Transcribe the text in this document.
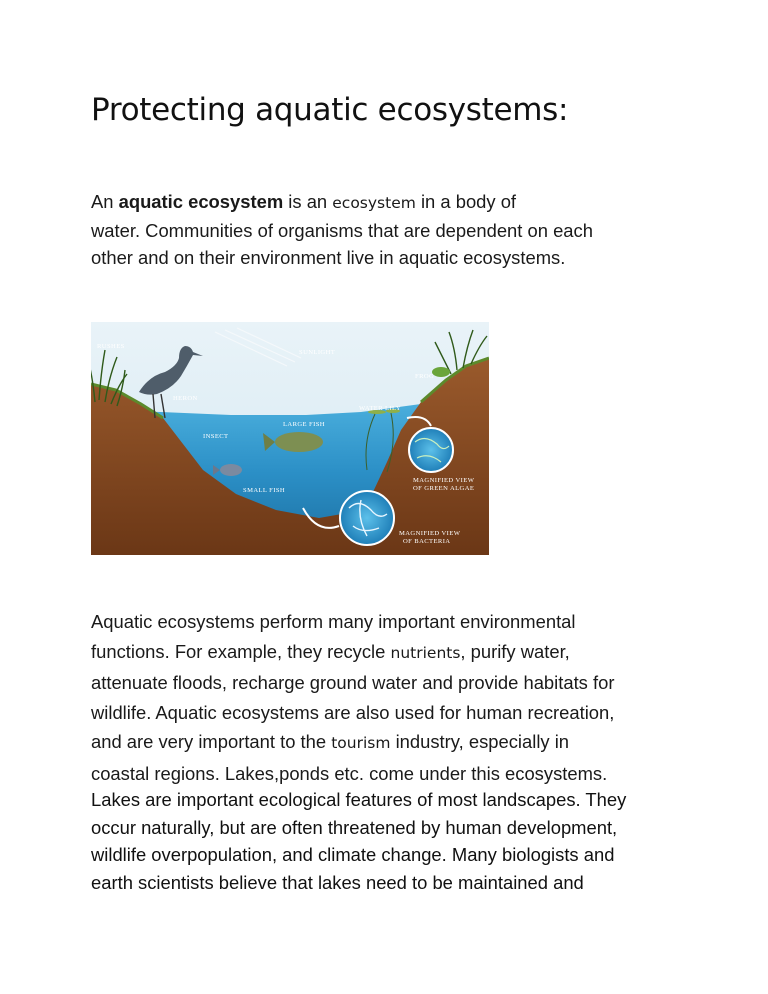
Protecting aquatic ecosystems:

An aquatic ecosystem is an ecosystem in a body of
water. Communities of organisms that are dependent on each
other and on their environment live in aquatic ecosystems.

RUSHES
SUNLIGHT
FROG
HERON
WATER LILY
INSECT
LARGE FISH
SMALL FISH
MAGNIFIED VIEW
OF GREEN ALGAE
MAGNIFIED VIEW
OF BACTERIA

Aquatic ecosystems perform many important environmental
functions. For example, they recycle nutrients, purify water,
attenuate floods, recharge ground water and provide habitats for
wildlife. Aquatic ecosystems are also used for human recreation,
and are very important to the tourism industry, especially in
coastal regions. Lakes,ponds etc. come under this ecosystems.

Lakes are important ecological features of most landscapes. They
occur naturally, but are often threatened by human development,
wildlife overpopulation, and climate change. Many biologists and
earth scientists believe that lakes need to be maintained and
